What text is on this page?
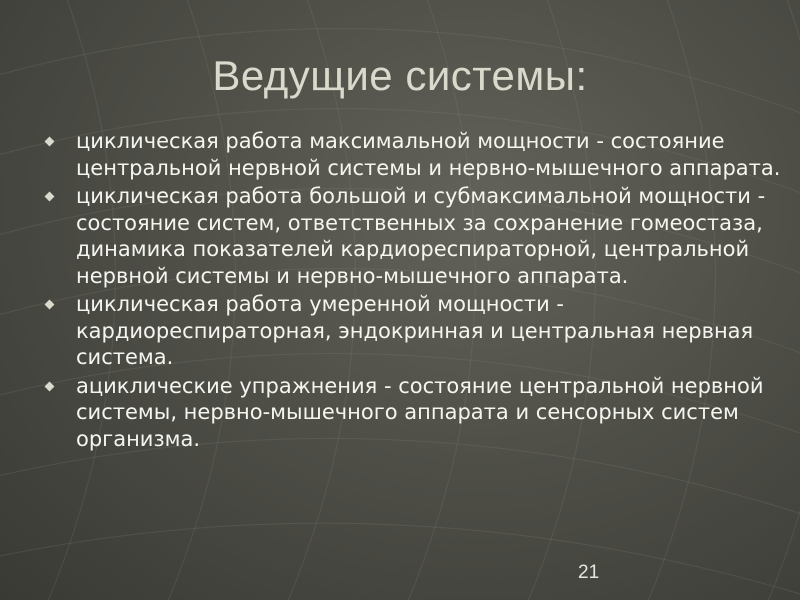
Ведущие системы:
циклическая работа максимальной мощности - состояние центральной нервной системы и нервно-мышечного аппарата.
циклическая работа большой и субмаксимальной мощности - состояние систем, ответственных за сохранение гомеостаза, динамика показателей кардиореспираторной, центральной нервной системы и нервно-мышечного аппарата.
циклическая работа умеренной мощности - кардиореспираторная, эндокринная и центральная нервная система.
ациклические упражнения - состояние центральной нервной системы, нервно-мышечного аппарата и сенсорных систем организма.
21
